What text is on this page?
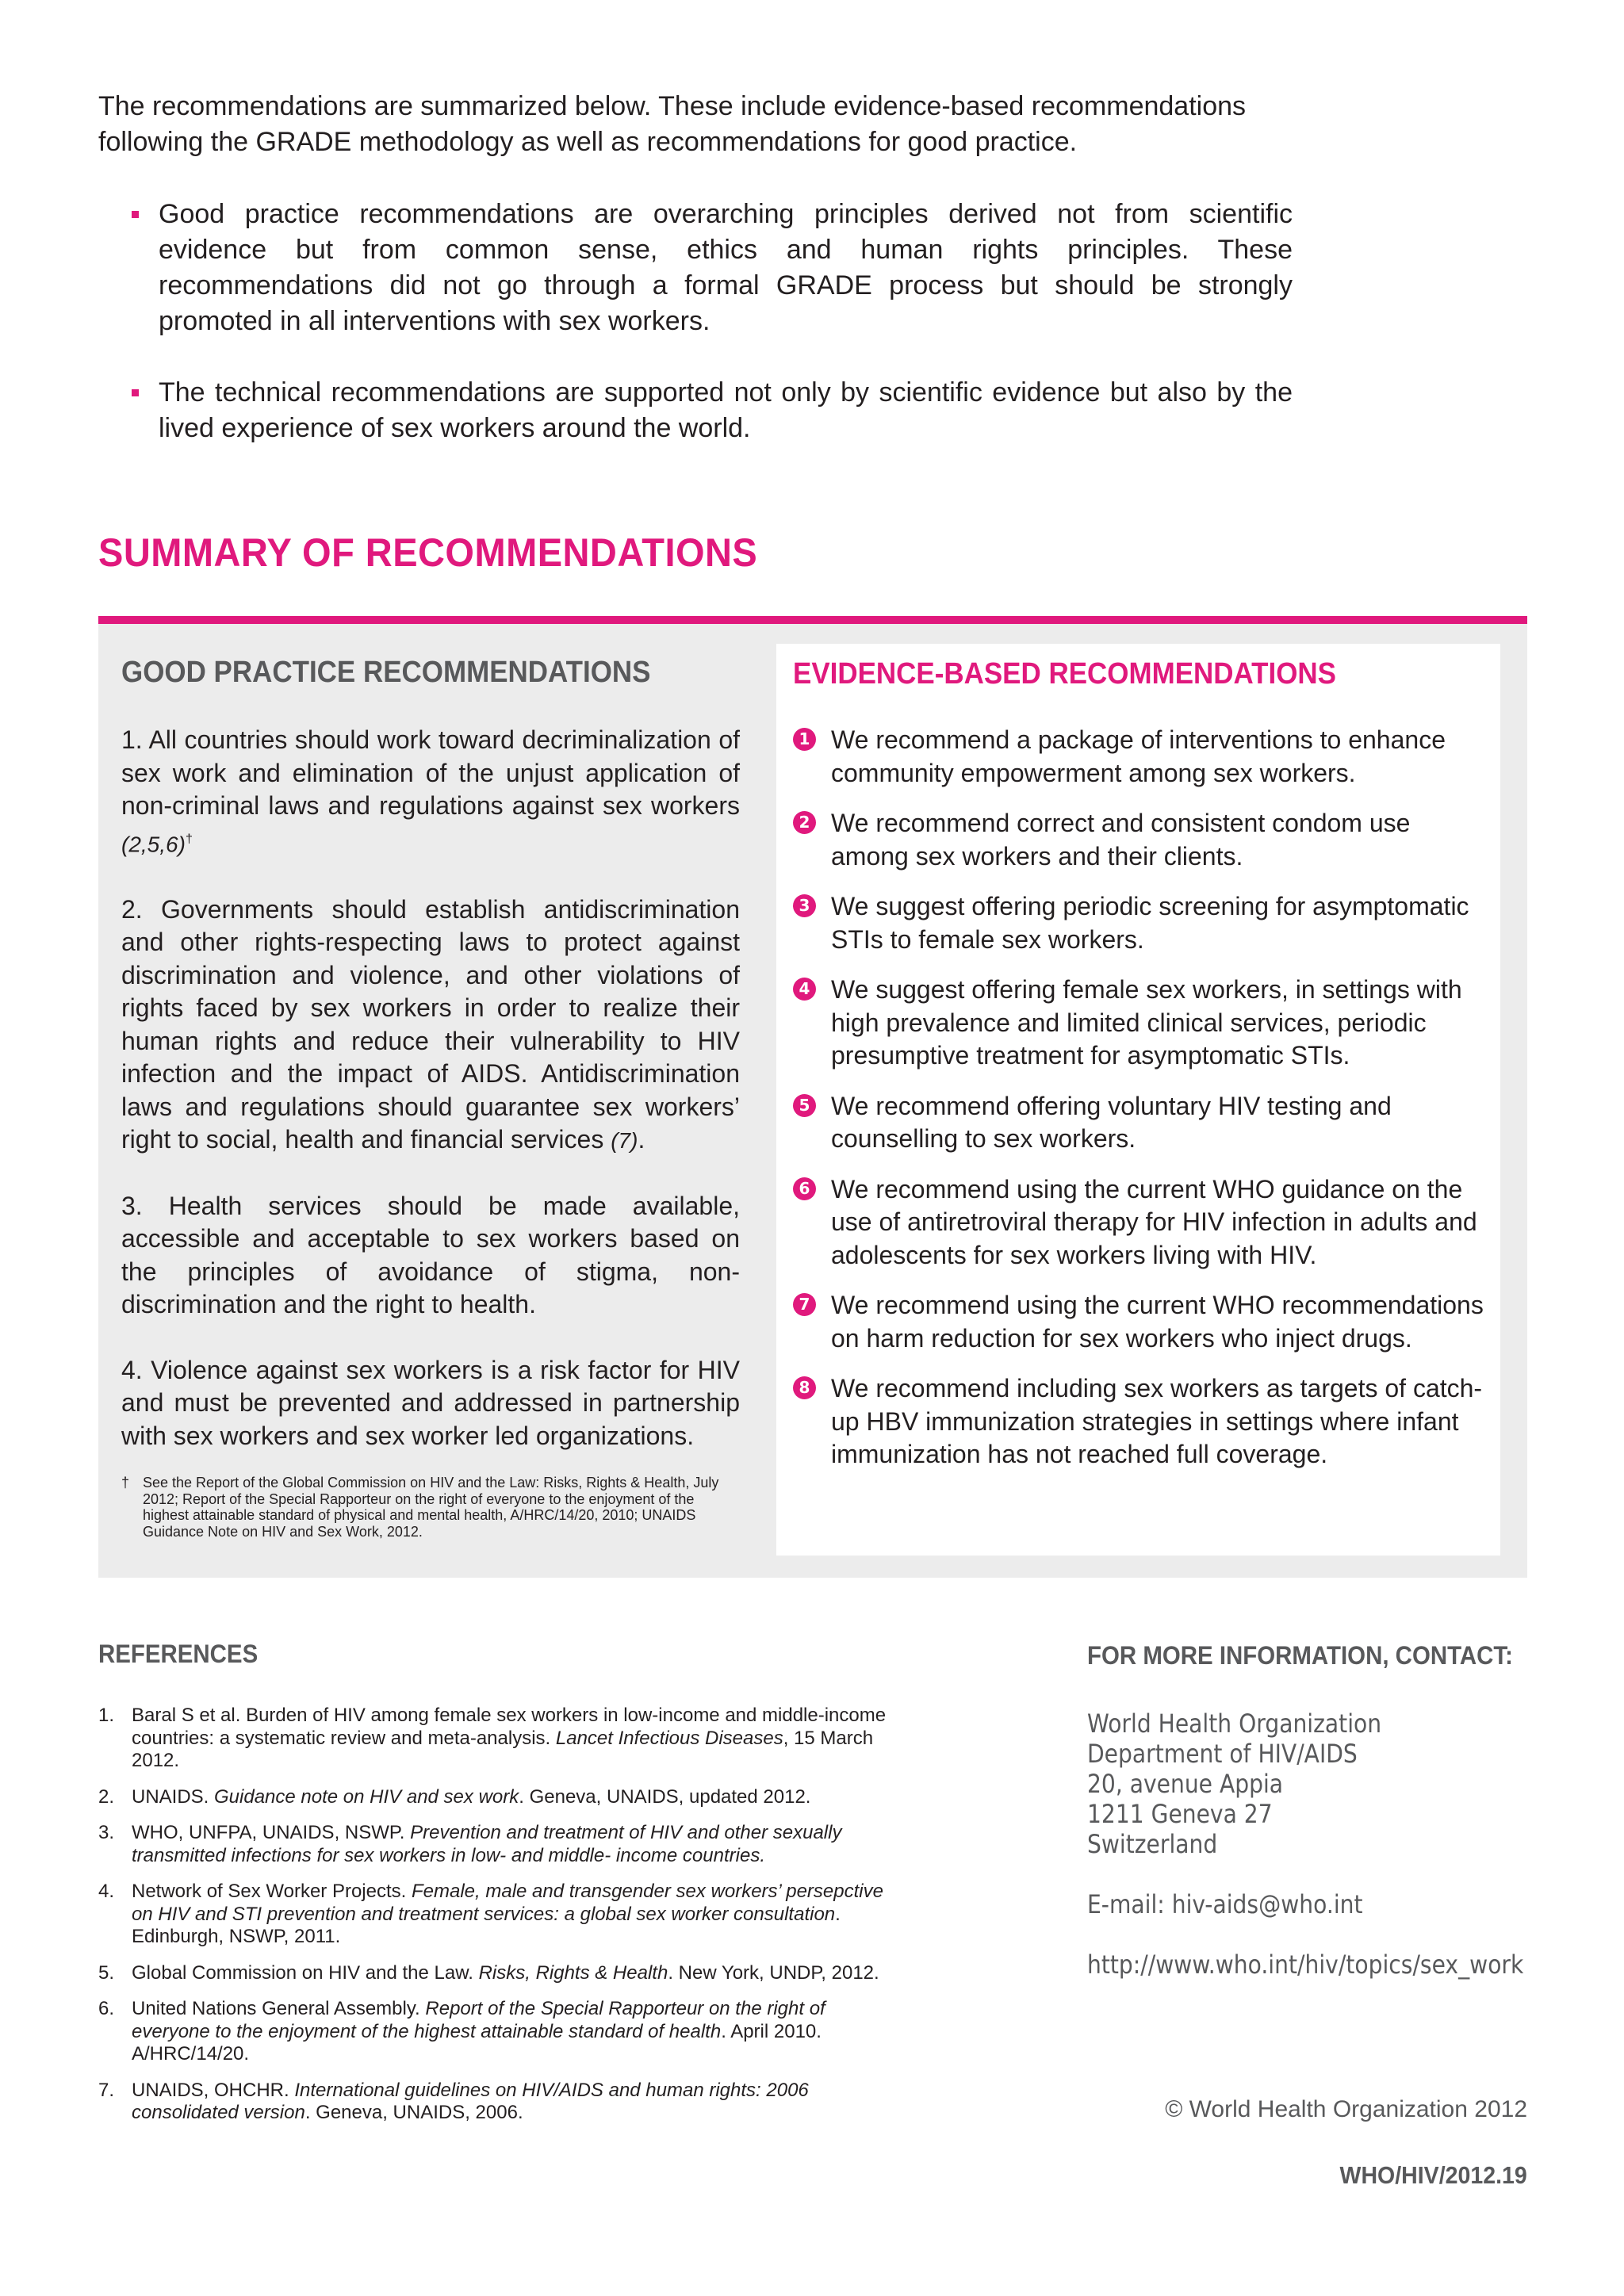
The recommendations are summarized below. These include evidence-based recommendations following the GRADE methodology as well as recommendations for good practice.

Good practice recommendations are overarching principles derived not from scientific evidence but from common sense, ethics and human rights principles. These recommendations did not go through a formal GRADE process but should be strongly promoted in all interventions with sex workers.
The technical recommendations are supported not only by scientific evidence but also by the lived experience of sex workers around the world.
SUMMARY OF RECOMMENDATIONS
GOOD PRACTICE RECOMMENDATIONS	EVIDENCE-BASED RECOMMENDATIONS
1. All countries should work toward decriminalization of sex work and elimination of the unjust application of non-criminal laws and regulations against sex workers (2,5,6)†
2. Governments should establish antidiscrimination and other rights-respecting laws to protect against discrimination and violence, and other violations of rights faced by sex workers in order to realize their human rights and reduce their vulnerability to HIV infection and the impact of AIDS. Antidiscrimination laws and regulations should guarantee sex workers’ right to social, health and financial services (7).
3. Health services should be made available, accessible and acceptable to sex workers based on the principles of avoidance of stigma, non-discrimination and the right to health.
4. Violence against sex workers is a risk factor for HIV and must be prevented and addressed in partnership with sex workers and sex worker led organizations.
† See the Report of the Global Commission on HIV and the Law: Risks, Rights & Health, July 2012; Report of the Special Rapporteur on the right of everyone to the enjoyment of the highest attainable standard of physical and mental health, A/HRC/14/20, 2010; UNAIDS Guidance Note on HIV and Sex Work, 2012.
1 We recommend a package of interventions to enhance community empowerment among sex workers.
2 We recommend correct and consistent condom use among sex workers and their clients.
3 We suggest offering periodic screening for asymptomatic STIs to female sex workers.
4 We suggest offering female sex workers, in settings with high prevalence and limited clinical services, periodic presumptive treatment for asymptomatic STIs.
5 We recommend offering voluntary HIV testing and counselling to sex workers.
6 We recommend using the current WHO guidance on the use of antiretroviral therapy for HIV infection in adults and adolescents for sex workers living with HIV.
7 We recommend using the current WHO recommendations on harm reduction for sex workers who inject drugs.
8 We recommend including sex workers as targets of catch-up HBV immunization strategies in settings where infant immunization has not reached full coverage.
REFERENCES
1. Baral S et al. Burden of HIV among female sex workers in low-income and middle-income countries: a systematic review and meta-analysis. Lancet Infectious Diseases, 15 March 2012.
2. UNAIDS. Guidance note on HIV and sex work. Geneva, UNAIDS, updated 2012.
3. WHO, UNFPA, UNAIDS, NSWP. Prevention and treatment of HIV and other sexually transmitted infections for sex workers in low- and middle- income countries.
4. Network of Sex Worker Projects. Female, male and transgender sex workers’ persepctive on HIV and STI prevention and treatment services: a global sex worker consultation. Edinburgh, NSWP, 2011.
5. Global Commission on HIV and the Law. Risks, Rights & Health. New York, UNDP, 2012.
6. United Nations General Assembly. Report of the Special Rapporteur on the right of everyone to the enjoyment of the highest attainable standard of health. April 2010. A/HRC/14/20.
7. UNAIDS, OHCHR. International guidelines on HIV/AIDS and human rights: 2006 consolidated version. Geneva, UNAIDS, 2006.
FOR MORE INFORMATION, CONTACT:
World Health Organization
Department of HIV/AIDS
20, avenue Appia
1211 Geneva 27
Switzerland
E-mail: hiv-aids@who.int
http://www.who.int/hiv/topics/sex_work
© World Health Organization 2012
WHO/HIV/2012.19
